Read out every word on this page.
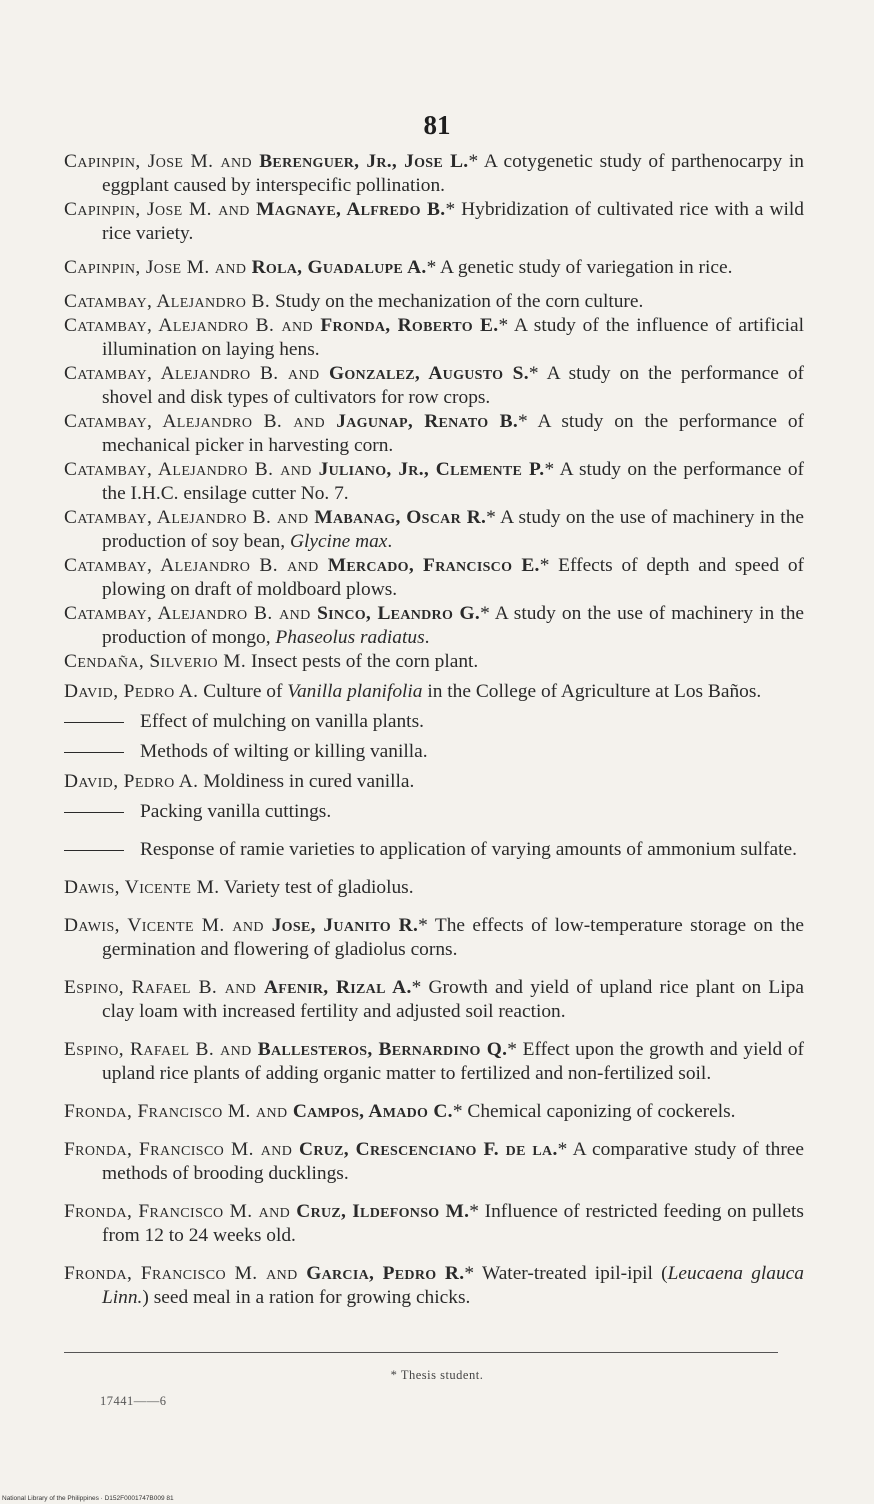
81
Capinpin, Jose M. and Berenguer, Jr., Jose L.* A cotygenetic study of parthenocarpy in eggplant caused by interspecific pollination.
Capinpin, Jose M. and Magnaye, Alfredo B.* Hybridization of cultivated rice with a wild rice variety.
Capinpin, Jose M. and Rola, Guadalupe A.* A genetic study of variegation in rice.
Catambay, Alejandro B. Study on the mechanization of the corn culture.
Catambay, Alejandro B. and Fronda, Roberto E.* A study of the influence of artificial illumination on laying hens.
Catambay, Alejandro B. and Gonzalez, Augusto S.* A study on the performance of shovel and disk types of cultivators for row crops.
Catambay, Alejandro B. and Jagunap, Renato B.* A study on the performance of mechanical picker in harvesting corn.
Catambay, Alejandro B. and Juliano, Jr., Clemente P.* A study on the performance of the I.H.C. ensilage cutter No. 7.
Catambay, Alejandro B. and Mabanag, Oscar R.* A study on the use of machinery in the production of soy bean, Glycine max.
Catambay, Alejandro B. and Mercado, Francisco E.* Effects of depth and speed of plowing on draft of moldboard plows.
Catambay, Alejandro B. and Sinco, Leandro G.* A study on the use of machinery in the production of mongo, Phaseolus radiatus.
Cendaña, Silverio M. Insect pests of the corn plant.
David, Pedro A. Culture of Vanilla planifolia in the College of Agriculture at Los Baños.
Effect of mulching on vanilla plants.
Methods of wilting or killing vanilla.
David, Pedro A. Moldiness in cured vanilla.
Packing vanilla cuttings.
Response of ramie varieties to application of varying amounts of ammonium sulfate.
Dawis, Vicente M. Variety test of gladiolus.
Dawis, Vicente M. and Jose, Juanito R.* The effects of low-temperature storage on the germination and flowering of gladiolus corns.
Espino, Rafael B. and Afenir, Rizal A.* Growth and yield of upland rice plant on Lipa clay loam with increased fertility and adjusted soil reaction.
Espino, Rafael B. and Ballesteros, Bernardino Q.* Effect upon the growth and yield of upland rice plants of adding organic matter to fertilized and non-fertilized soil.
Fronda, Francisco M. and Campos, Amado C.* Chemical caponizing of cockerels.
Fronda, Francisco M. and Cruz, Crescenciano F. de la.* A comparative study of three methods of brooding ducklings.
Fronda, Francisco M. and Cruz, Ildefonso M.* Influence of restricted feeding on pullets from 12 to 24 weeks old.
Fronda, Francisco M. and Garcia, Pedro R.* Water-treated ipil-ipil (Leucaena glauca Linn.) seed meal in a ration for growing chicks.
* Thesis student.
17441——6
National Library of the Philippines · D152F0001747B009 81
